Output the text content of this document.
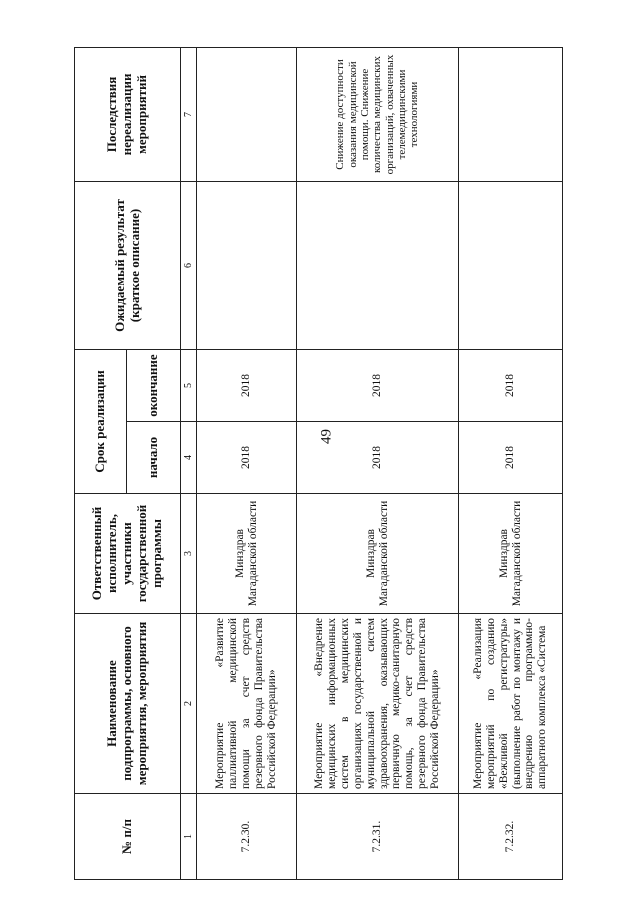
49
№ п/п	Наименование подпрограммы, основного мероприятия, мероприятия	Ответственный исполнитель, участники государственной программы	Срок реализации		Ожидаемый результат (краткое описание)	Последствия нереализации мероприятий
			начало	окончание		
1	2	3	4	5	6	7
7.2.30.	Мероприятие «Развитие паллиативной медицинской помощи за счет средств резервного фонда Правительства Российской Федерации»	Минздрав Магаданской области	2018	2018		
7.2.31.	Мероприятие «Внедрение медицинских информационных систем в медицинских организациях государственной и муниципальной систем здравоохранения, оказывающих первичную медико-санитарную помощь, за счет средств резервного фонда Правительства Российской Федерации»	Минздрав Магаданской области	2018	2018		Снижение доступности оказания медицинской помощи. Снижение количества медицинских организаций, охваченных телемедицинскими технологиями
7.2.32.	Мероприятие «Реализация мероприятий по созданию «Вежливой регистратуры» (выполнение работ по монтажу и внедрению программно-аппаратного комплекса «Система	Минздрав Магаданской области	2018	2018		
